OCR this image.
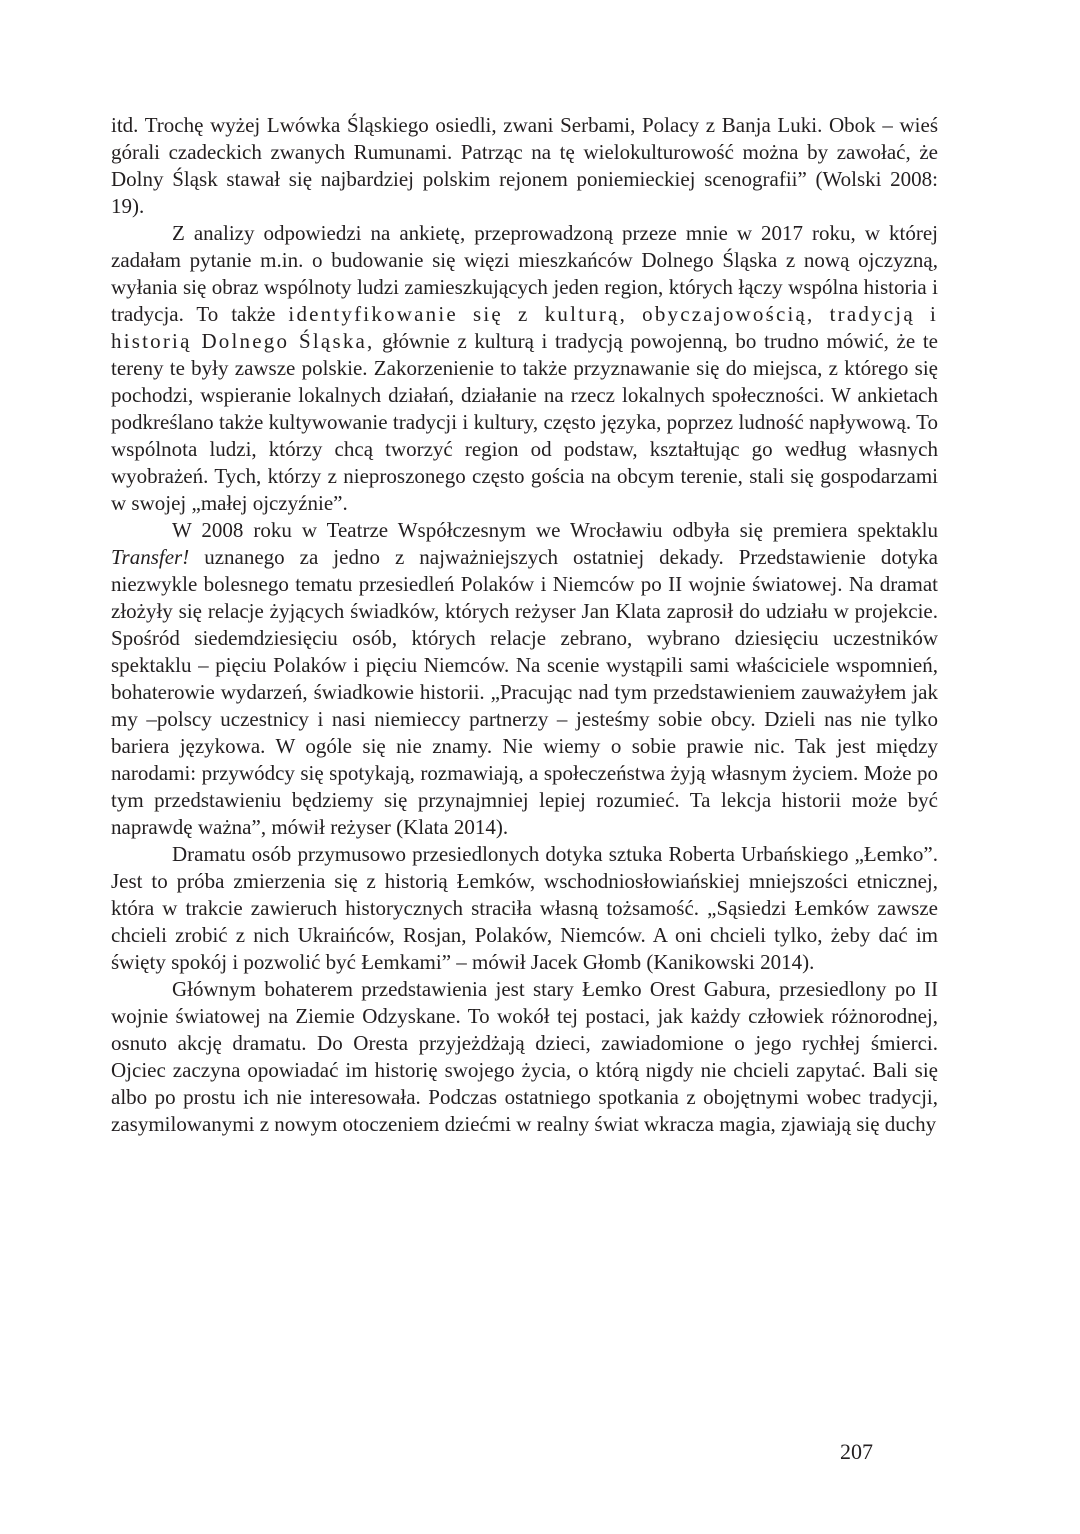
itd. Trochę wyżej Lwówka Śląskiego osiedli, zwani Serbami, Polacy z Banja Luki. Obok – wieś górali czadeckich zwanych Rumunami. Patrząc na tę wielokulturowość można by zawołać, że Dolny Śląsk stawał się najbardziej polskim rejonem poniemieckiej scenografii” (Wolski 2008: 19).

Z analizy odpowiedzi na ankietę, przeprowadzoną przeze mnie w 2017 roku, w której zadałam pytanie m.in. o budowanie się więzi mieszkańców Dolnego Śląska z nową ojczyzną, wyłania się obraz wspólnoty ludzi zamieszkujących jeden region, których łączy wspólna historia i tradycja. To także identyfikowanie się z kulturą, obyczajowością, tradycją i historią Dolnego Śląska, głównie z kulturą i tradycją powojenną, bo trudno mówić, że te tereny te były zawsze polskie. Zakorzenienie to także przyznawanie się do miejsca, z którego się pochodzi, wspieranie lokalnych działań, działanie na rzecz lokalnych społeczności. W ankietach podkreślano także kultywowanie tradycji i kultury, często języka, poprzez ludność napływową. To wspólnota ludzi, którzy chcą tworzyć region od podstaw, kształtując go według własnych wyobrażeń. Tych, którzy z nieproszonego często gościa na obcym terenie, stali się gospodarzami w swojej „małej ojczyźnie”.

W 2008 roku w Teatrze Współczesnym we Wrocławiu odbyła się premiera spektaklu Transfer! uznanego za jedno z najważniejszych ostatniej dekady. Przedstawienie dotyka niezwykle bolesnego tematu przesiedleń Polaków i Niemców po II wojnie światowej. Na dramat złożyły się relacje żyjących świadków, których reżyser Jan Klata zaprosił do udziału w projekcie. Spośród siedemdziesięciu osób, których relacje zebrano, wybrano dziesięciu uczestników spektaklu – pięciu Polaków i pięciu Niemców. Na scenie wystąpili sami właściciele wspomnień, bohaterowie wydarzeń, świadkowie historii. „Pracując nad tym przedstawieniem zauważyłem jak my –polscy uczestnicy i nasi niemieccy partnerzy – jesteśmy sobie obcy. Dzieli nas nie tylko bariera językowa. W ogóle się nie znamy. Nie wiemy o sobie prawie nic. Tak jest między narodami: przywódcy się spotykają, rozmawiają, a społeczeństwa żyją własnym życiem. Może po tym przedstawieniu będziemy się przynajmniej lepiej rozumieć. Ta lekcja historii może być naprawdę ważna”, mówił reżyser (Klata 2014).

Dramatu osób przymusowo przesiedlonych dotyka sztuka Roberta Urbańskiego „Łemko”. Jest to próba zmierzenia się z historią Łemków, wschodniosłowiańskiej mniejszości etnicznej, która w trakcie zawieruch historycznych straciła własną tożsamość. „Sąsiedzi Łemków zawsze chcieli zrobić z nich Ukraińców, Rosjan, Polaków, Niemców. A oni chcieli tylko, żeby dać im święty spokój i pozwolić być Łemkami” – mówił Jacek Głomb (Kanikowski 2014).

Głównym bohaterem przedstawienia jest stary Łemko Orest Gabura, przesiedlony po II wojnie światowej na Ziemie Odzyskane. To wokół tej postaci, jak każdy człowiek różnorodnej, osnuto akcję dramatu. Do Oresta przyjeżdżają dzieci, zawiadomione o jego rychłej śmierci. Ojciec zaczyna opowiadać im historię swojego życia, o którą nigdy nie chcieli zapytać. Bali się albo po prostu ich nie interesowała. Podczas ostatniego spotkania z obojętnymi wobec tradycji, zasymilowanymi z nowym otoczeniem dziećmi w realny świat wkracza magia, zjawiają się duchy

207
